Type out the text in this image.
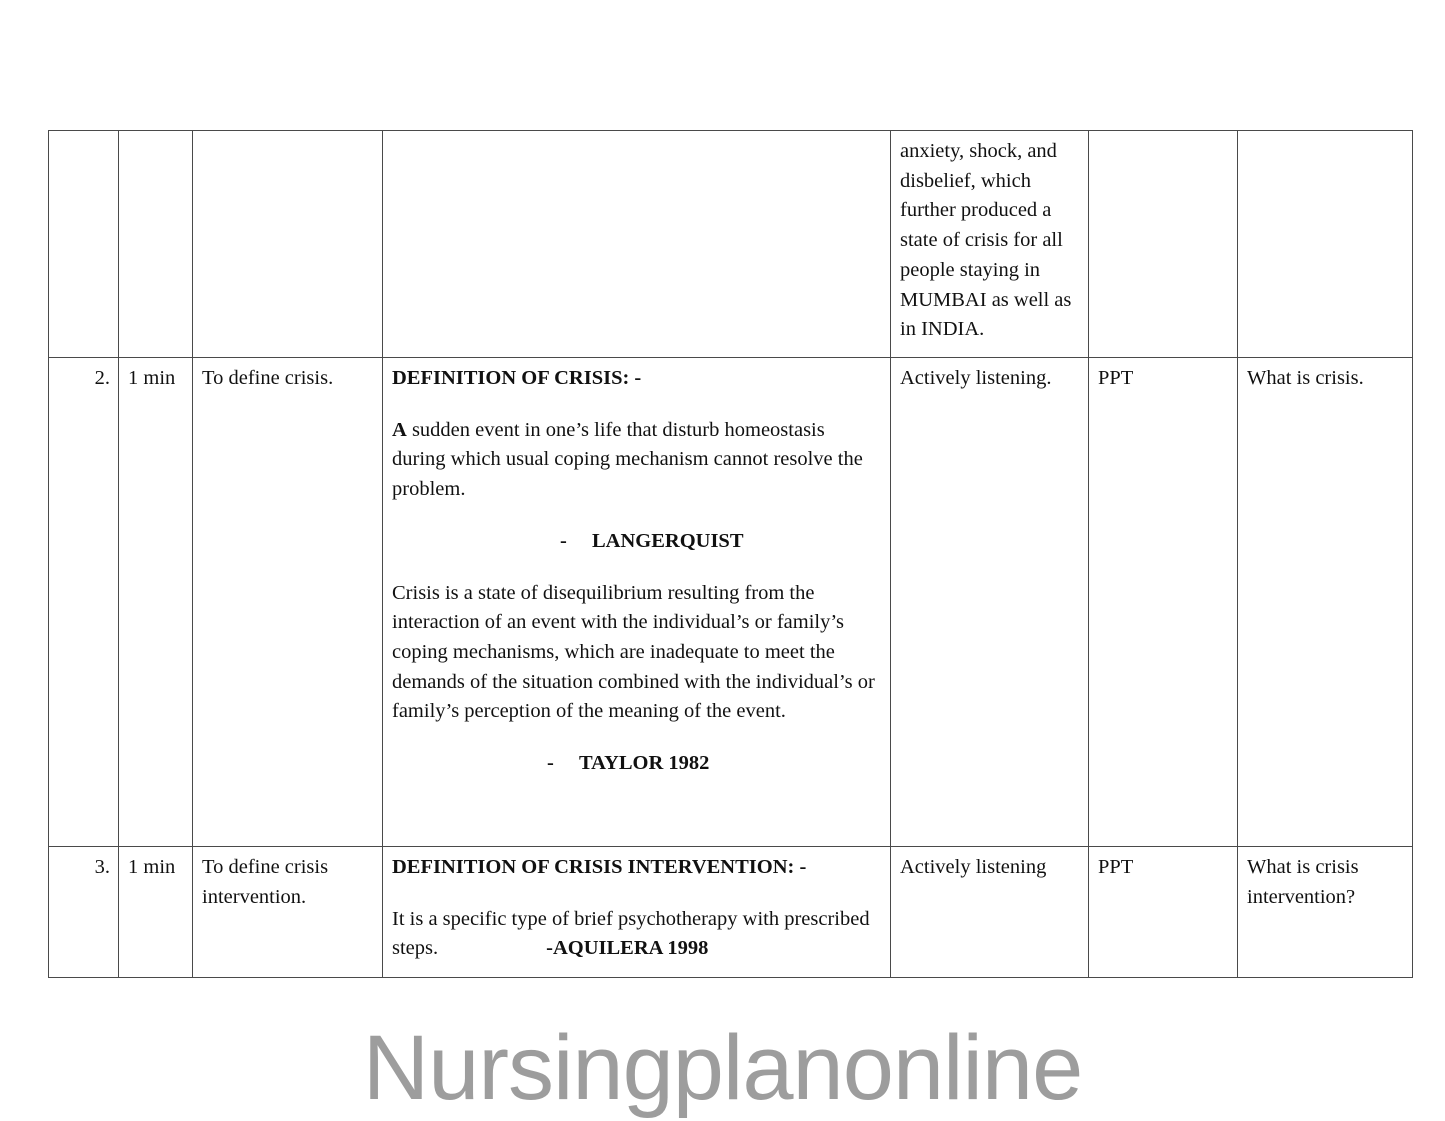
				anxiety, shock, and disbelief, which further produced a state of crisis for all people staying in MUMBAI as well as in INDIA.		
2.	1 min	To define crisis.	DEFINITION OF CRISIS: -

A sudden event in one’s life that disturb homeostasis during which usual coping mechanism cannot resolve the problem.

- LANGERQUIST

Crisis is a state of disequilibrium resulting from the interaction of an event with the individual’s or family’s coping mechanisms, which are inadequate to meet the demands of the situation combined with the individual’s or family’s perception of the meaning of the event.

- TAYLOR 1982	Actively listening.	PPT	What is crisis.
3.	1 min	To define crisis intervention.	DEFINITION OF CRISIS INTERVENTION: -

It is a specific type of brief psychotherapy with prescribed steps. -AQUILERA 1998	Actively listening	PPT	What is crisis intervention?
Nursingplanonline
